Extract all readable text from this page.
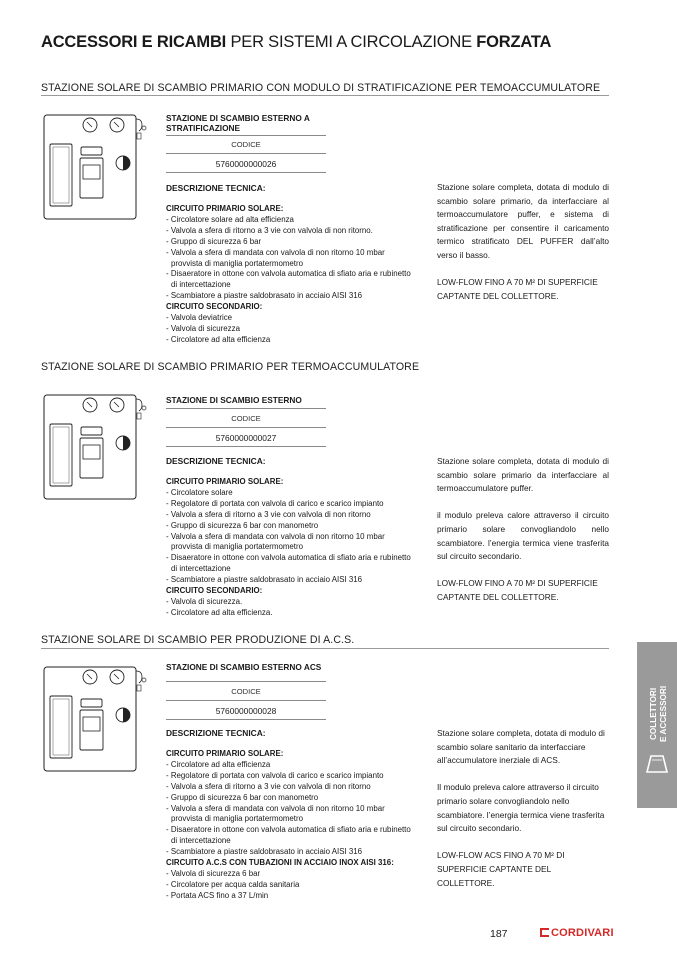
ACCESSORI E RICAMBI PER SISTEMI A CIRCOLAZIONE FORZATA
STAZIONE SOLARE DI SCAMBIO PRIMARIO CON MODULO DI STRATIFICAZIONE PER TEMOACCUMULATORE
STAZIONE DI SCAMBIO ESTERNO A STRATIFICAZIONE
CODICE
5760000000026
DESCRIZIONE TECNICA:
CIRCUITO PRIMARIO SOLARE:
- Circolatore solare ad alta efficienza
- Valvola a sfera di ritorno a 3 vie con valvola di non ritorno.
- Gruppo di sicurezza 6 bar
- Valvola a sfera di mandata con valvola di non ritorno 10 mbar provvista di maniglia portatermometro
- Disaeratore in ottone con valvola automatica di sfiato aria e rubinetto di intercettazione
- Scambiatore a piastre saldobrasato in acciaio AISI 316
CIRCUITO SECONDARIO:
- Valvola deviatrice
- Valvola di sicurezza
- Circolatore ad alta efficienza

Stazione solare completa, dotata di modulo di scambio solare primario, da interfacciare al termoaccumulatore puffer, e sistema di stratificazione per consentire il caricamento termico stratificato DEL PUFFER dall’alto verso il basso.

LOW-FLOW FINO A 70 M² DI SUPERFICIE CAPTANTE DEL COLLETTORE.

STAZIONE SOLARE DI SCAMBIO PRIMARIO PER TERMOACCUMULATORE
STAZIONE DI SCAMBIO ESTERNO
CODICE
5760000000027
DESCRIZIONE TECNICA:
CIRCUITO PRIMARIO SOLARE:
- Circolatore solare
- Regolatore di portata con valvola di carico e scarico impianto
- Valvola a sfera di ritorno a 3 vie con valvola di non ritorno
- Gruppo di sicurezza 6 bar con manometro
- Valvola a sfera di mandata con valvola di non ritorno 10 mbar provvista di maniglia portatermometro
- Disaeratore in ottone con valvola automatica di sfiato aria e rubinetto di intercettazione
- Scambiatore a piastre saldobrasato in acciaio AISI 316
CIRCUITO SECONDARIO:
- Valvola di sicurezza.
- Circolatore ad alta efficienza.

Stazione solare completa, dotata di modulo di scambio solare primario da interfacciare al termoaccumulatore puffer.

il modulo preleva calore attraverso il circuito primario solare convogliandolo nello scambiatore. l’energia termica viene trasferita sul circuito secondario.

LOW-FLOW FINO A 70 M² DI SUPERFICIE CAPTANTE DEL COLLETTORE.

STAZIONE SOLARE DI SCAMBIO PER PRODUZIONE DI A.C.S.
STAZIONE DI SCAMBIO ESTERNO ACS
CODICE
5760000000028
DESCRIZIONE TECNICA:
CIRCUITO PRIMARIO SOLARE:
- Circolatore ad alta efficienza
- Regolatore di portata con valvola di carico e scarico impianto
- Valvola a sfera di ritorno a 3 vie con valvola di non ritorno
- Gruppo di sicurezza 6 bar con manometro
- Valvola a sfera di mandata con valvola di non ritorno 10 mbar provvista di maniglia portatermometro
- Disaeratore in ottone con valvola automatica di sfiato aria e rubinetto di intercettazione
- Scambiatore a piastre saldobrasato in acciaio AISI 316
CIRCUITO A.C.S CON TUBAZIONI IN ACCIAIO INOX AISI 316:
- Valvola di sicurezza 6 bar
- Circolatore per acqua calda sanitaria
- Portata ACS fino a 37 L/min

Stazione solare completa, dotata di modulo di scambio solare sanitario da interfacciare all’accumulatore inerziale di ACS.

Il modulo preleva calore attraverso il circuito primario solare convogliandolo nello scambiatore. l’energia termica viene trasferita sul circuito secondario.

LOW-FLOW ACS FINO A 70 M² DI SUPERFICIE CAPTANTE DEL COLLETTORE.

COLLETTORI
E ACCESSORI
187	CORDIVARI
